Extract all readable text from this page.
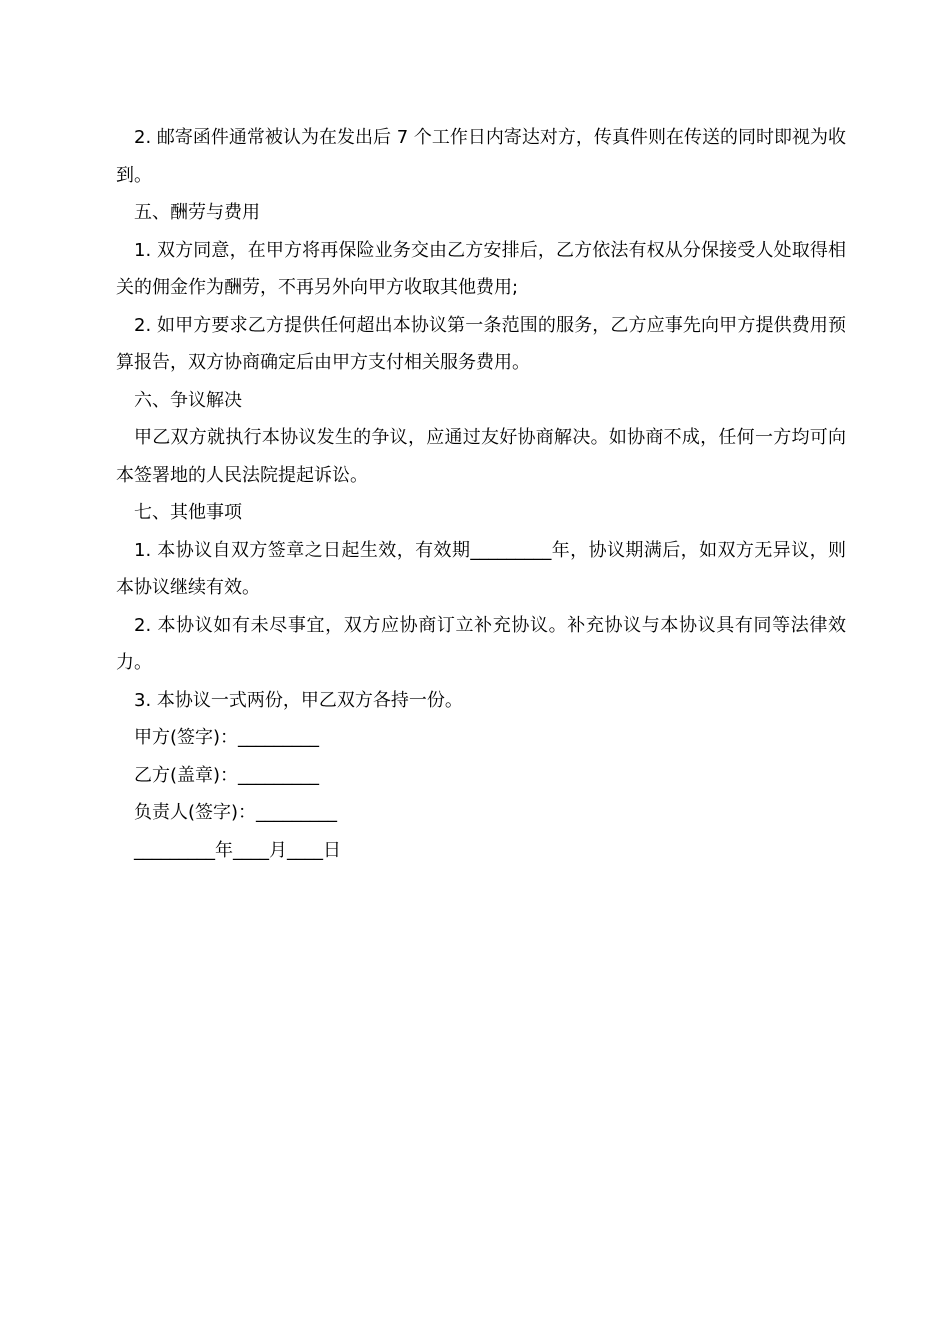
2. 邮寄函件通常被认为在发出后 7 个工作日内寄达对方，传真件则在传送的同时即视为收到。

五、酬劳与费用

1. 双方同意，在甲方将再保险业务交由乙方安排后，乙方依法有权从分保接受人处取得相关的佣金作为酬劳，不再另外向甲方收取其他费用;

2. 如甲方要求乙方提供任何超出本协议第一条范围的服务，乙方应事先向甲方提供费用预算报告，双方协商确定后由甲方支付相关服务费用。

六、争议解决

甲乙双方就执行本协议发生的争议，应通过友好协商解决。如协商不成，任何一方均可向本签署地的人民法院提起诉讼。

七、其他事项

1. 本协议自双方签章之日起生效，有效期_________年，协议期满后，如双方无异议，则本协议继续有效。

2. 本协议如有未尽事宜，双方应协商订立补充协议。补充协议与本协议具有同等法律效力。

3. 本协议一式两份，甲乙双方各持一份。

甲方(签字)：_________

乙方(盖章)：_________

负责人(签字)：_________

_________年____月____日
